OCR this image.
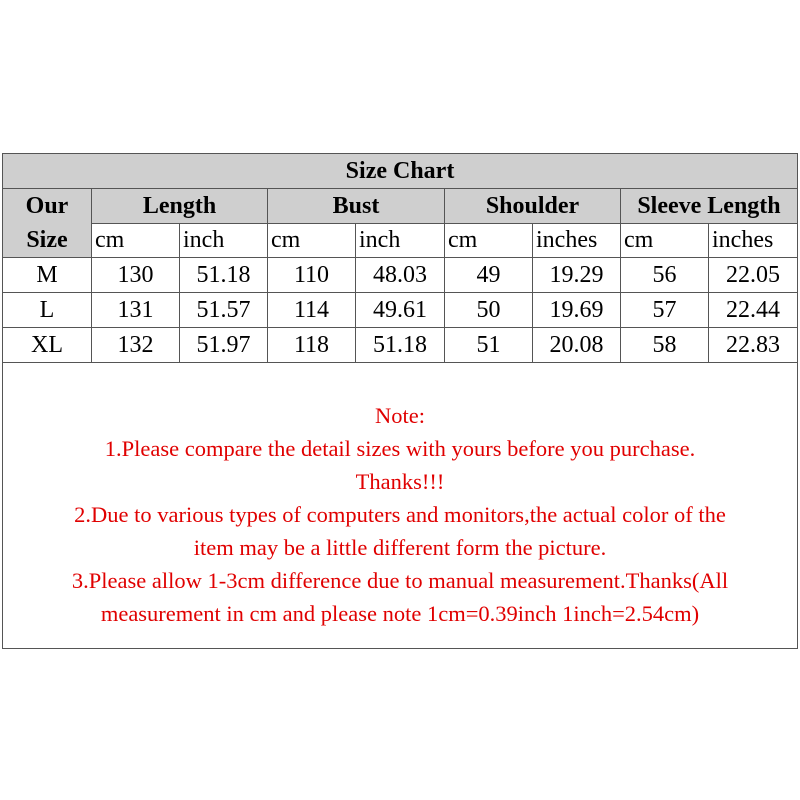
Size Chart
Our
Size
Length	Bust	Shoulder	Sleeve Length
cm	inch	cm	inch	cm	inches	cm	inches
M	130	51.18	110	48.03	49	19.29	56	22.05
L	131	51.57	114	49.61	50	19.69	57	22.44
XL	132	51.97	118	51.18	51	20.08	58	22.83
Note:
1.Please compare the detail sizes with yours before you purchase.
Thanks!!!
2.Due to various types of computers and monitors,the actual color of the
item may be a little different form the picture.
3.Please allow 1-3cm difference due to manual measurement.Thanks(All
measurement in cm and please note 1cm=0.39inch 1inch=2.54cm)
